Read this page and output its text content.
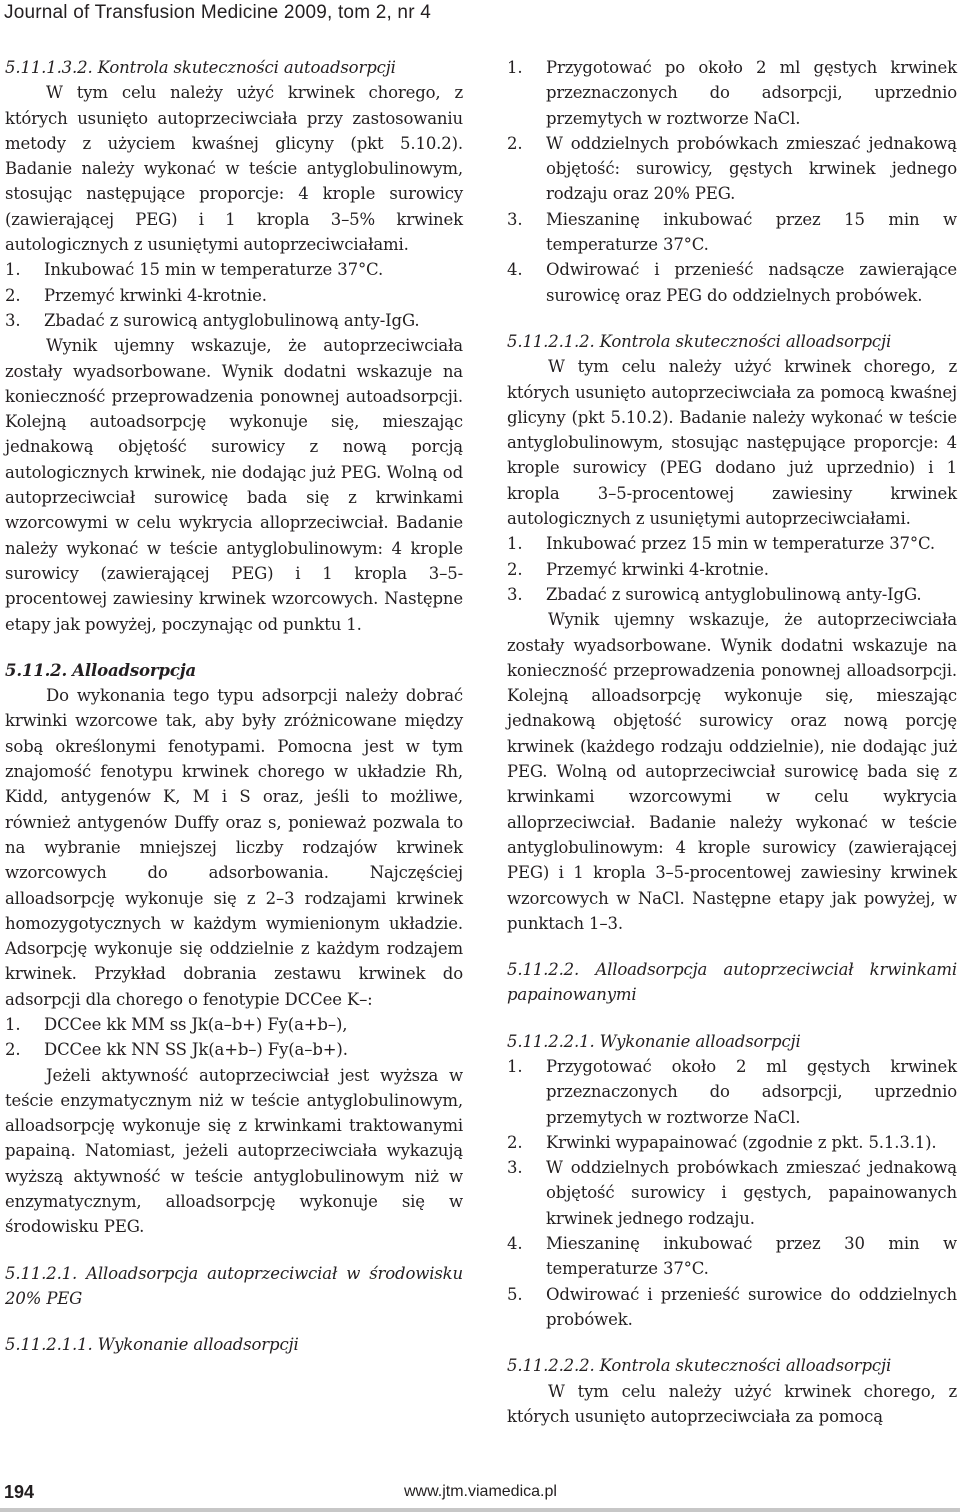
Journal of Transfusion Medicine 2009, tom 2, nr 4

5.11.1.3.2. Kontrola skuteczności autoadsorpcji

W tym celu należy użyć krwinek chorego, z których usunięto autoprzeciwciała przy zastosowaniu metody z użyciem kwaśnej glicyny (pkt 5.10.2). Badanie należy wykonać w teście antyglobulinowym, stosując następujące proporcje: 4 krople surowicy (zawierającej PEG) i 1 kropla 3–5% krwinek autologicznych z usuniętymi autoprzeciwciałami.

1. Inkubować 15 min w temperaturze 37°C.
2. Przemyć krwinki 4-krotnie.
3. Zbadać z surowicą antyglobulinową anty-IgG.

Wynik ujemny wskazuje, że autoprzeciwciała zostały wyadsorbowane. Wynik dodatni wskazuje na konieczność przeprowadzenia ponownej autoadsorpcji. Kolejną autoadsorpcję wykonuje się, mieszając jednakową objętość surowicy z nową porcją autologicznych krwinek, nie dodając już PEG. Wolną od autoprzeciwciał surowicę bada się z krwinkami wzorcowymi w celu wykrycia alloprzeciwciał. Badanie należy wykonać w teście antyglobulinowym: 4 krople surowicy (zawierającej PEG) i 1 kropla 3–5-procentowej zawiesiny krwinek wzorcowych. Następne etapy jak powyżej, poczynając od punktu 1.

5.11.2. Alloadsorpcja

Do wykonania tego typu adsorpcji należy dobrać krwinki wzorcowe tak, aby były zróżnicowane między sobą określonymi fenotypami. Pomocna jest w tym znajomość fenotypu krwinek chorego w układzie Rh, Kidd, antygenów K, M i S oraz, jeśli to możliwe, również antygenów Duffy oraz s, ponieważ pozwala to na wybranie mniejszej liczby rodzajów krwinek wzorcowych do adsorbowania. Najczęściej alloadsorpcję wykonuje się z 2–3 rodzajami krwinek homozygotycznych w każdym wymienionym układzie. Adsorpcję wykonuje się oddzielnie z każdym rodzajem krwinek. Przykład dobrania zestawu krwinek do adsorpcji dla chorego o fenotypie DCCee K–:

1. DCCee kk MM ss Jk(a–b+) Fy(a+b–),
2. DCCee kk NN SS Jk(a+b–) Fy(a–b+).

Jeżeli aktywność autoprzeciwciał jest wyższa w teście enzymatycznym niż w teście antyglobulinowym, alloadsorpcję wykonuje się z krwinkami traktowanymi papainą. Natomiast, jeżeli autoprzeciwciała wykazują wyższą aktywność w teście antyglobulinowym niż w enzymatycznym, alloadsorpcję wykonuje się w środowisku PEG.

5.11.2.1. Alloadsorpcja autoprzeciwciał w środowisku 20% PEG

5.11.2.1.1. Wykonanie alloadsorpcji

1. Przygotować po około 2 ml gęstych krwinek przeznaczonych do adsorpcji, uprzednio przemytych w roztworze NaCl.
2. W oddzielnych probówkach zmieszać jednakową objętość: surowicy, gęstych krwinek jednego rodzaju oraz 20% PEG.
3. Mieszaninę inkubować przez 15 min w temperaturze 37°C.
4. Odwirować i przenieść nadsącze zawierające surowicę oraz PEG do oddzielnych probówek.

5.11.2.1.2. Kontrola skuteczności alloadsorpcji

W tym celu należy użyć krwinek chorego, z których usunięto autoprzeciwciała za pomocą kwaśnej glicyny (pkt 5.10.2). Badanie należy wykonać w teście antyglobulinowym, stosując następujące proporcje: 4 krople surowicy (PEG dodano już uprzednio) i 1 kropla 3–5-procentowej zawiesiny krwinek autologicznych z usuniętymi autoprzeciwciałami.

1. Inkubować przez 15 min w temperaturze 37°C.
2. Przemyć krwinki 4-krotnie.
3. Zbadać z surowicą antyglobulinową anty-IgG.

Wynik ujemny wskazuje, że autoprzeciwciała zostały wyadsorbowane. Wynik dodatni wskazuje na konieczność przeprowadzenia ponownej alloadsorpcji. Kolejną alloadsorpcję wykonuje się, mieszając jednakową objętość surowicy oraz nową porcję krwinek (każdego rodzaju oddzielnie), nie dodając już PEG. Wolną od autoprzeciwciał surowicę bada się z krwinkami wzorcowymi w celu wykrycia alloprzeciwciał. Badanie należy wykonać w teście antyglobulinowym: 4 krople surowicy (zawierającej PEG) i 1 kropla 3–5-procentowej zawiesiny krwinek wzorcowych w NaCl. Następne etapy jak powyżej, w punktach 1–3.

5.11.2.2. Alloadsorpcja autoprzeciwciał krwinkami papainowanymi

5.11.2.2.1. Wykonanie alloadsorpcji

1. Przygotować około 2 ml gęstych krwinek przeznaczonych do adsorpcji, uprzednio przemytych w roztworze NaCl.
2. Krwinki wypapainować (zgodnie z pkt. 5.1.3.1).
3. W oddzielnych probówkach zmieszać jednakową objętość surowicy i gęstych, papainowanych krwinek jednego rodzaju.
4. Mieszaninę inkubować przez 30 min w temperaturze 37°C.
5. Odwirować i przenieść surowice do oddzielnych probówek.

5.11.2.2.2. Kontrola skuteczności alloadsorpcji

W tym celu należy użyć krwinek chorego, z których usunięto autoprzeciwciała za pomocą

194	www.jtm.viamedica.pl
